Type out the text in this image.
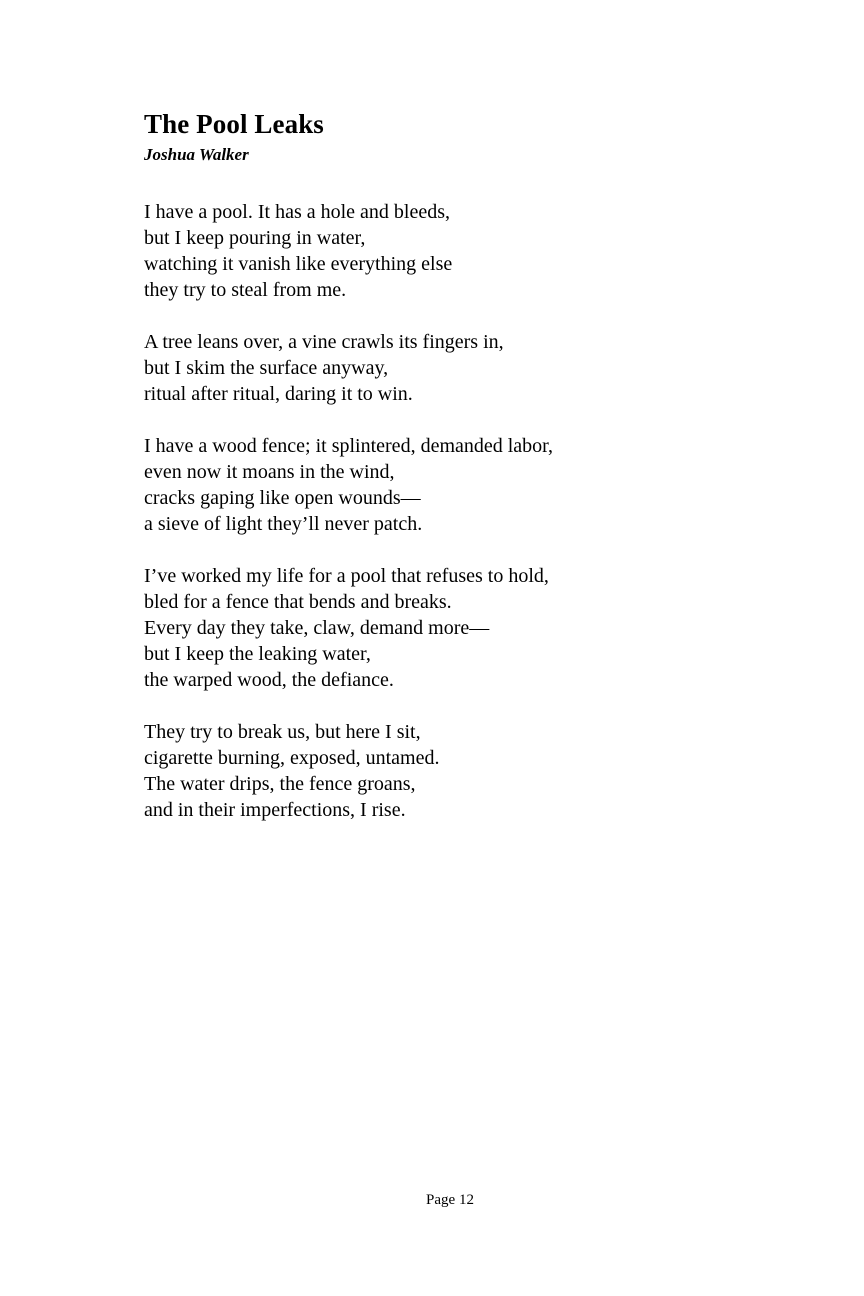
The Pool Leaks
Joshua Walker
I have a pool. It has a hole and bleeds,
but I keep pouring in water,
watching it vanish like everything else
they try to steal from me.
A tree leans over, a vine crawls its fingers in,
but I skim the surface anyway,
ritual after ritual, daring it to win.
I have a wood fence; it splintered, demanded labor,
even now it moans in the wind,
cracks gaping like open wounds—
a sieve of light they’ll never patch.
I’ve worked my life for a pool that refuses to hold,
bled for a fence that bends and breaks.
Every day they take, claw, demand more—
but I keep the leaking water,
the warped wood, the defiance.
They try to break us, but here I sit,
cigarette burning, exposed, untamed.
The water drips, the fence groans,
and in their imperfections, I rise.
Page 12
